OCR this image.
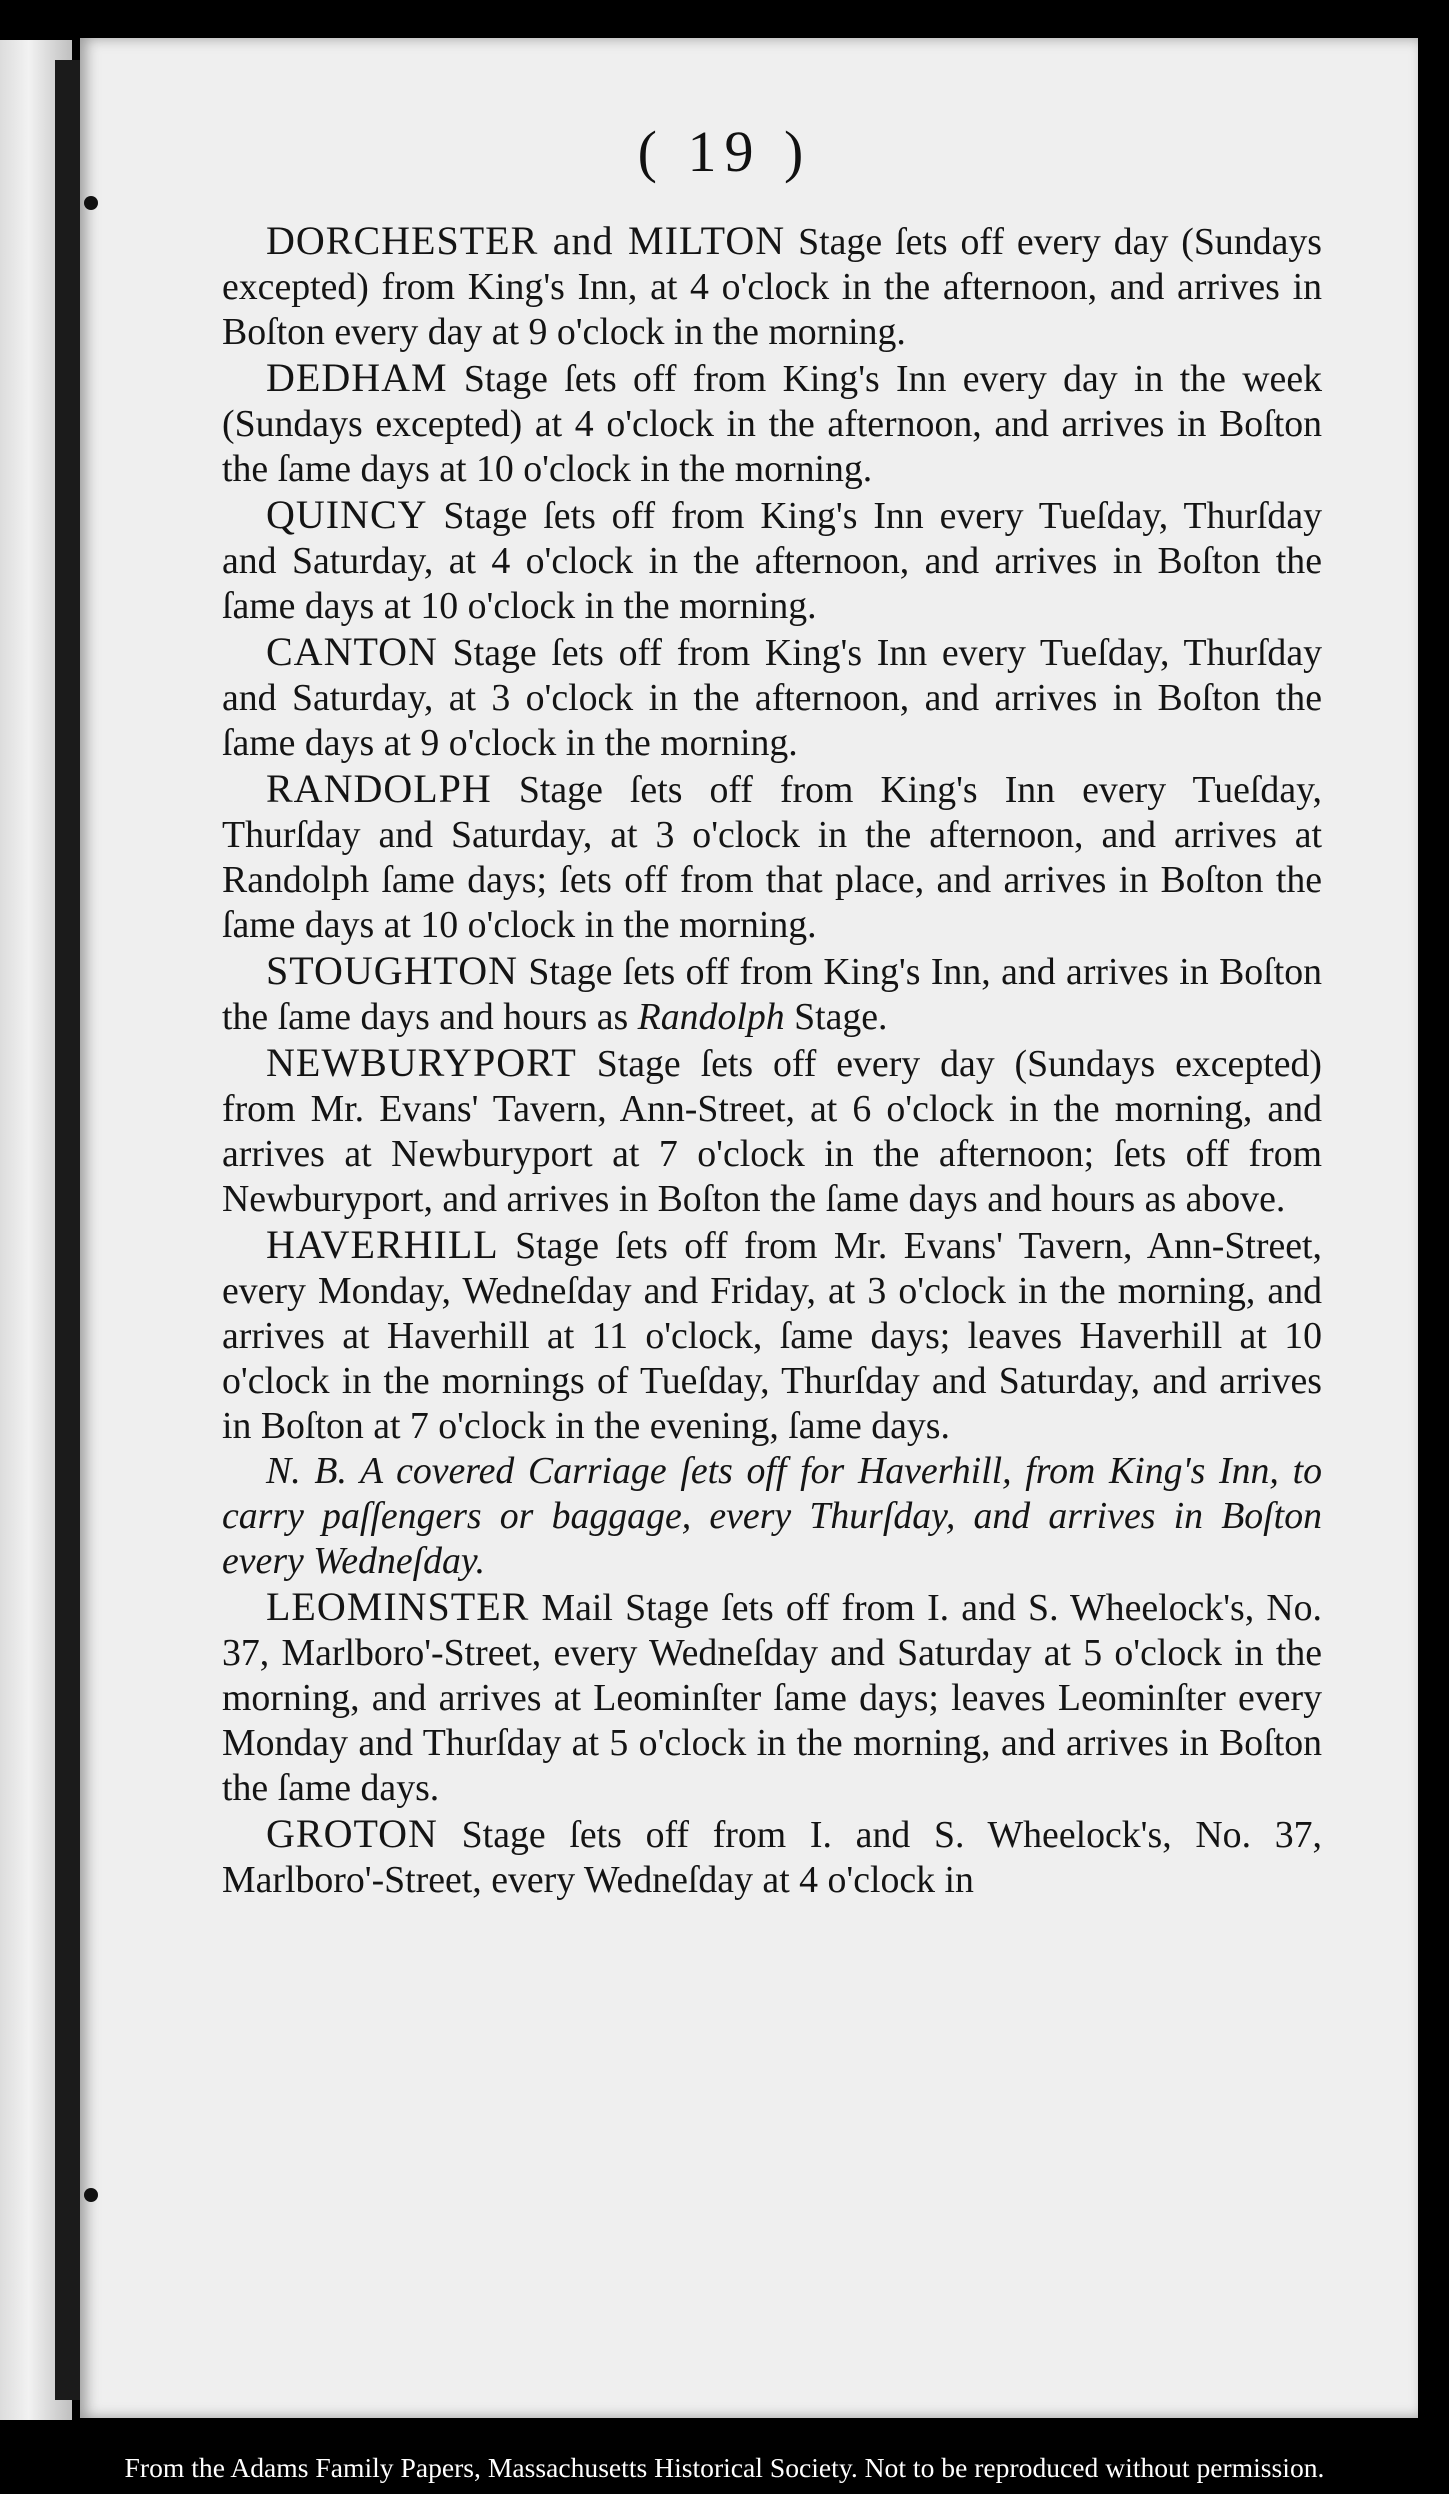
( 19 )

DORCHESTER and MILTON Stage ſets off every day (Sundays excepted) from King's Inn, at 4 o'clock in the afternoon, and arrives in Boſton every day at 9 o'clock in the morning.

DEDHAM Stage ſets off from King's Inn every day in the week (Sundays excepted) at 4 o'clock in the afternoon, and arrives in Boſton the ſame days at 10 o'clock in the morning.

QUINCY Stage ſets off from King's Inn every Tueſday, Thurſday and Saturday, at 4 o'clock in the afternoon, and arrives in Boſton the ſame days at 10 o'clock in the morning.

CANTON Stage ſets off from King's Inn every Tueſday, Thurſday and Saturday, at 3 o'clock in the afternoon, and arrives in Boſton the ſame days at 9 o'clock in the morning.

RANDOLPH Stage ſets off from King's Inn every Tueſday, Thurſday and Saturday, at 3 o'clock in the afternoon, and arrives at Randolph ſame days; ſets off from that place, and arrives in Boſton the ſame days at 10 o'clock in the morning.

STOUGHTON Stage ſets off from King's Inn, and arrives in Boſton the ſame days and hours as Randolph Stage.

NEWBURYPORT Stage ſets off every day (Sundays excepted) from Mr. Evans' Tavern, Ann-Street, at 6 o'clock in the morning, and arrives at Newburyport at 7 o'clock in the afternoon; ſets off from Newburyport, and arrives in Boſton the ſame days and hours as above.

HAVERHILL Stage ſets off from Mr. Evans' Tavern, Ann-Street, every Monday, Wedneſday and Friday, at 3 o'clock in the morning, and arrives at Haverhill at 11 o'clock, ſame days; leaves Haverhill at 10 o'clock in the mornings of Tueſday, Thurſday and Saturday, and arrives in Boſton at 7 o'clock in the evening, ſame days.

N. B. A covered Carriage ſets off for Haverhill, from King's Inn, to carry paſſengers or baggage, every Thurſday, and arrives in Boſton every Wedneſday.

LEOMINSTER Mail Stage ſets off from I. and S. Wheelock's, No. 37, Marlboro'-Street, every Wedneſday and Saturday at 5 o'clock in the morning, and arrives at Leominſter ſame days; leaves Leominſter every Monday and Thurſday at 5 o'clock in the morning, and arrives in Boſton the ſame days.

GROTON Stage ſets off from I. and S. Wheelock's, No. 37, Marlboro'-Street, every Wedneſday at 4 o'clock in

From the Adams Family Papers, Massachusetts Historical Society. Not to be reproduced without permission.
